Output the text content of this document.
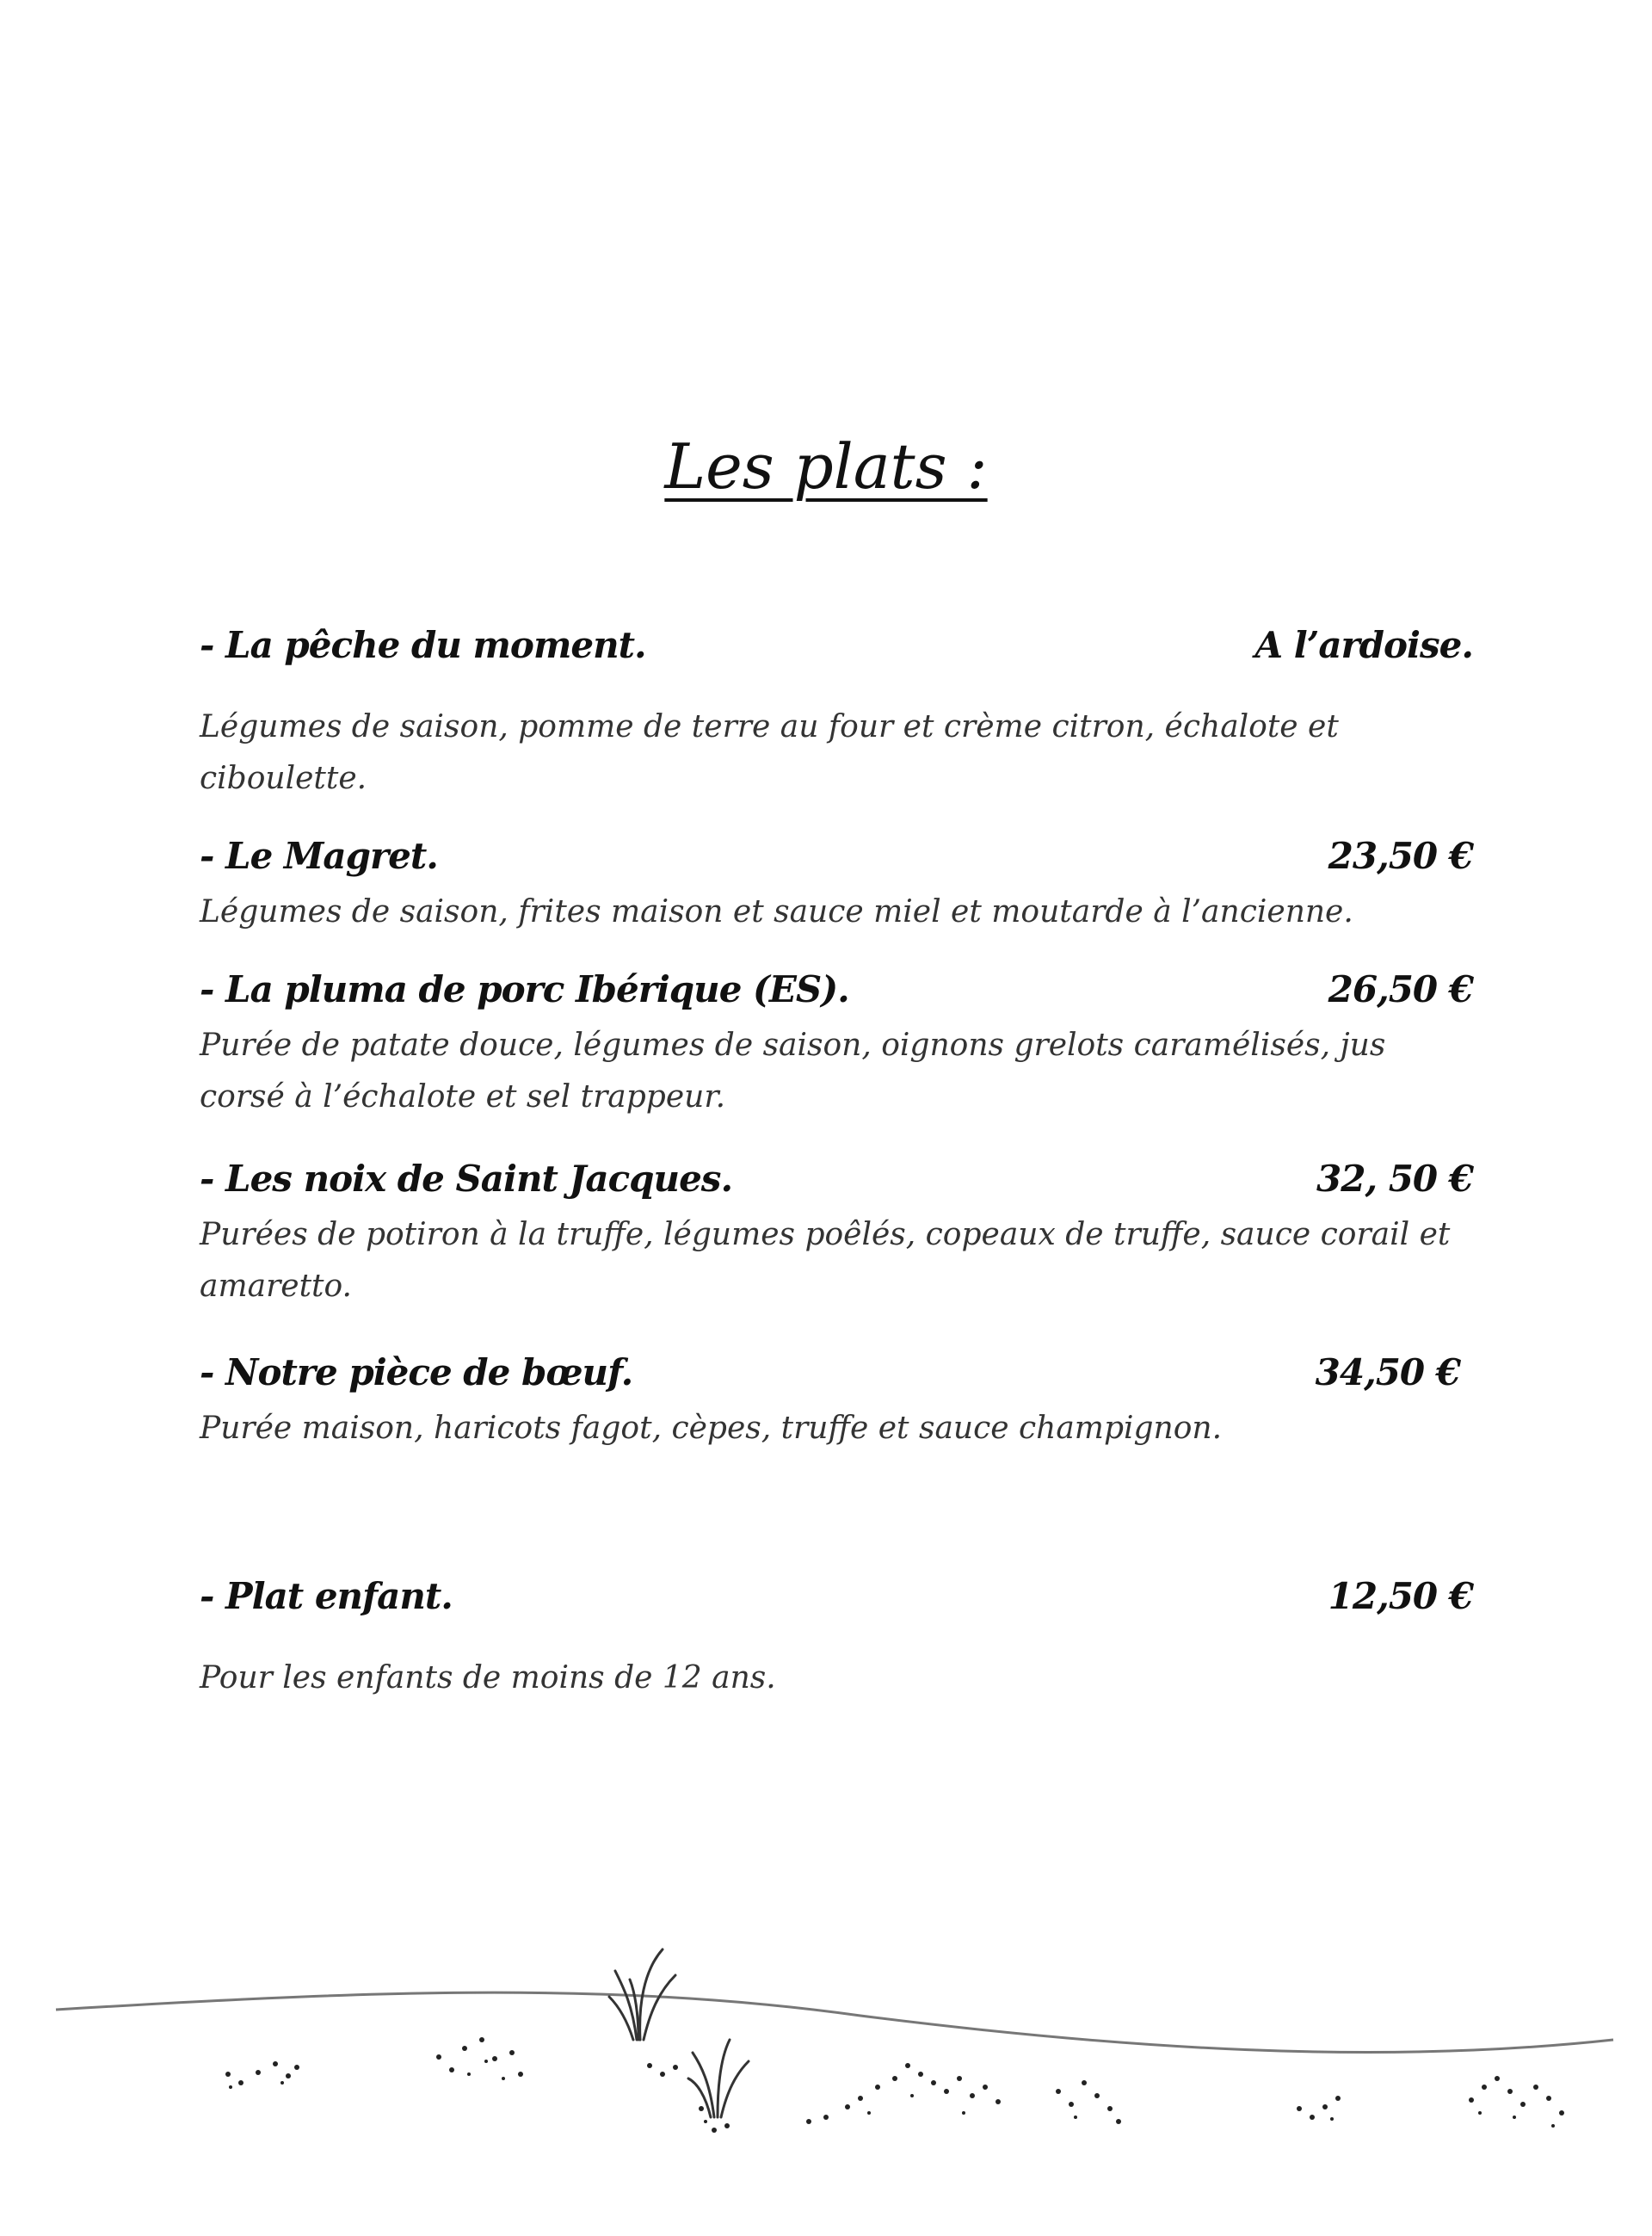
Les plats :
- La pêche du moment.	A l’ardoise.
Légumes de saison, pomme de terre au four et crème citron, échalote et ciboulette.
- Le Magret.	23,50 €
Légumes de saison, frites maison et sauce miel et moutarde à l’ancienne.
- La pluma de porc Ibérique (ES).	26,50 €
Purée de patate douce, légumes de saison, oignons grelots caramélisés, jus corsé à l’échalote et sel trappeur.
- Les noix de Saint Jacques.	32, 50 €
Purées de potiron à la truffe, légumes poêlés, copeaux de truffe, sauce corail et amaretto.
- Notre pièce de bœuf.	34,50 €
Purée maison, haricots fagot, cèpes, truffe et sauce champignon.
- Plat enfant.	12,50 €
Pour les enfants de moins de 12 ans.
